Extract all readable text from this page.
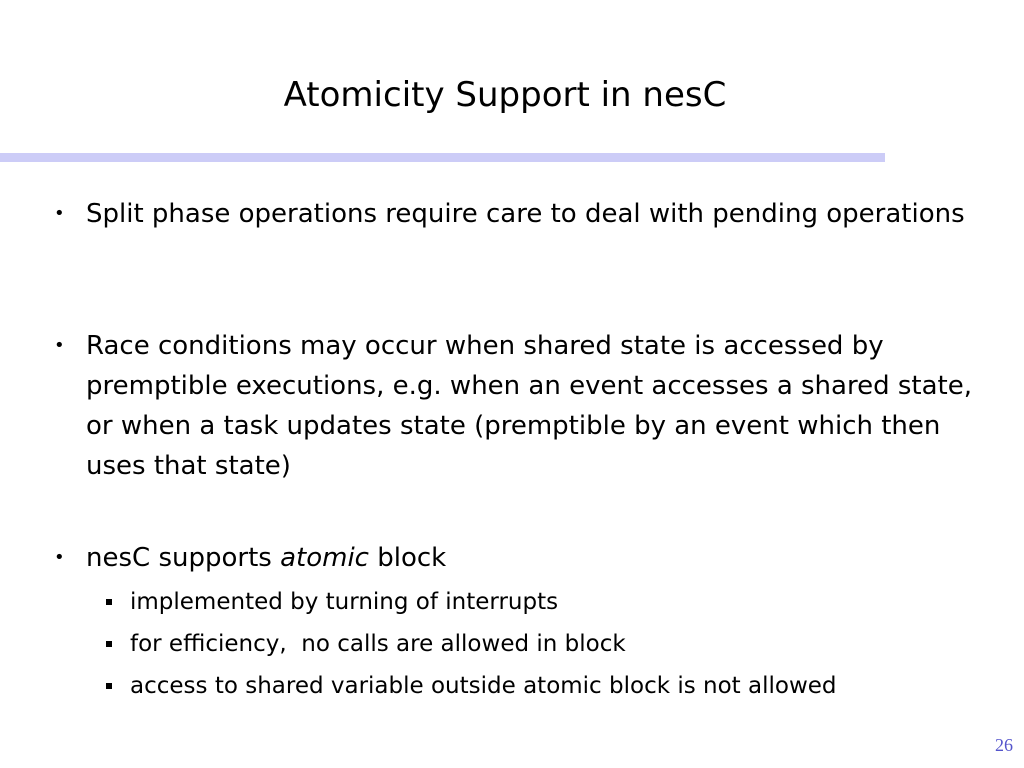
Atomicity Support in nesC
• Split phase operations require care to deal with pending operations
• Race conditions may occur when shared state is accessed by premptible executions, e.g. when an event accesses a shared state, or when a task updates state (premptible by an event which then uses that state)
• nesC supports atomic block
implemented by turning of interrupts
for efficiency,  no calls are allowed in block
access to shared variable outside atomic block is not allowed
26
